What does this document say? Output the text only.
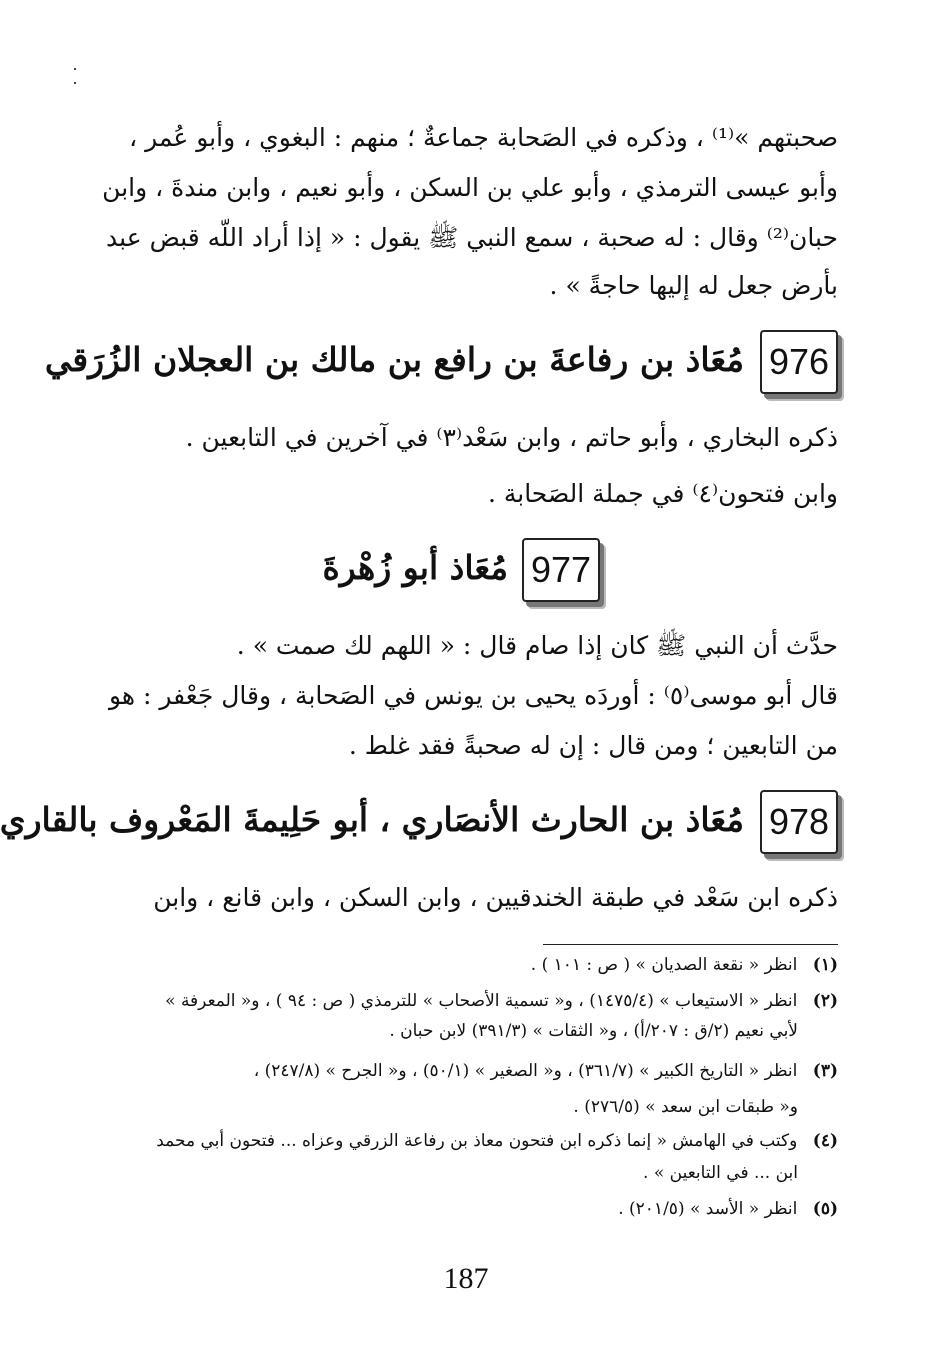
صحبتهم »⁽¹⁾ ، وذكره في الصَحابة جماعةٌ ؛ منهم : البغوي ، وأبو عُمر ،
وأبو عيسى الترمذي ، وأبو علي بن السكن ، وأبو نعيم ، وابن مندةَ ، وابن
حبان⁽²⁾ وقال : له صحبة ، سمع النبي ﷺ يقول : « إذا أراد اللّه قبض عبد
بأرض جعل له إليها حاجةً » .
976
مُعَاذ بن رفاعةَ بن رافع بن مالك بن العجلان الزُرَقي
ذكره البخاري ، وأبو حاتم ، وابن سَعْد⁽٣⁾ في آخرين في التابعين .
وابن فتحون⁽٤⁾ في جملة الصَحابة .
977
مُعَاذ أبو زُهْرةَ
حدَّث أن النبي ﷺ كان إذا صام قال : « اللهم لك صمت » .
قال أبو موسى⁽٥⁾ : أوردَه يحيى بن يونس في الصَحابة ، وقال جَعْفر : هو
من التابعين ؛ ومن قال : إن له صحبةً فقد غلط .
978
مُعَاذ بن الحارث الأنصَاري ، أبو حَلِيمةَ المَعْروف بالقاري
ذكره ابن سَعْد في طبقة الخندقيين ، وابن السكن ، وابن قانع ، وابن
(١) انظر « نقعة الصديان » ( ص : ١٠١ ) .
(٢) انظر « الاستيعاب » (١٤٧٥/٤) ، و« تسمية الأصحاب » للترمذي ( ص : ٩٤ ) ، و« المعرفة »
لأبي نعيم (٢/ق : ٢٠٧/أ) ، و« الثقات » (٣٩١/٣) لابن حبان .
(٣) انظر « التاريخ الكبير » (٣٦١/٧) ، و« الصغير » (٥٠/١) ، و« الجرح » (٢٤٧/٨) ،
و« طبقات ابن سعد » (٢٧٦/٥) .
(٤) وكتب في الهامش « إنما ذكره ابن فتحون معاذ بن رفاعة الزرقي وعزاه ... فتحون أبي محمد
ابن ... في التابعين » .
(٥) انظر « الأسد » (٢٠١/٥) .
187
